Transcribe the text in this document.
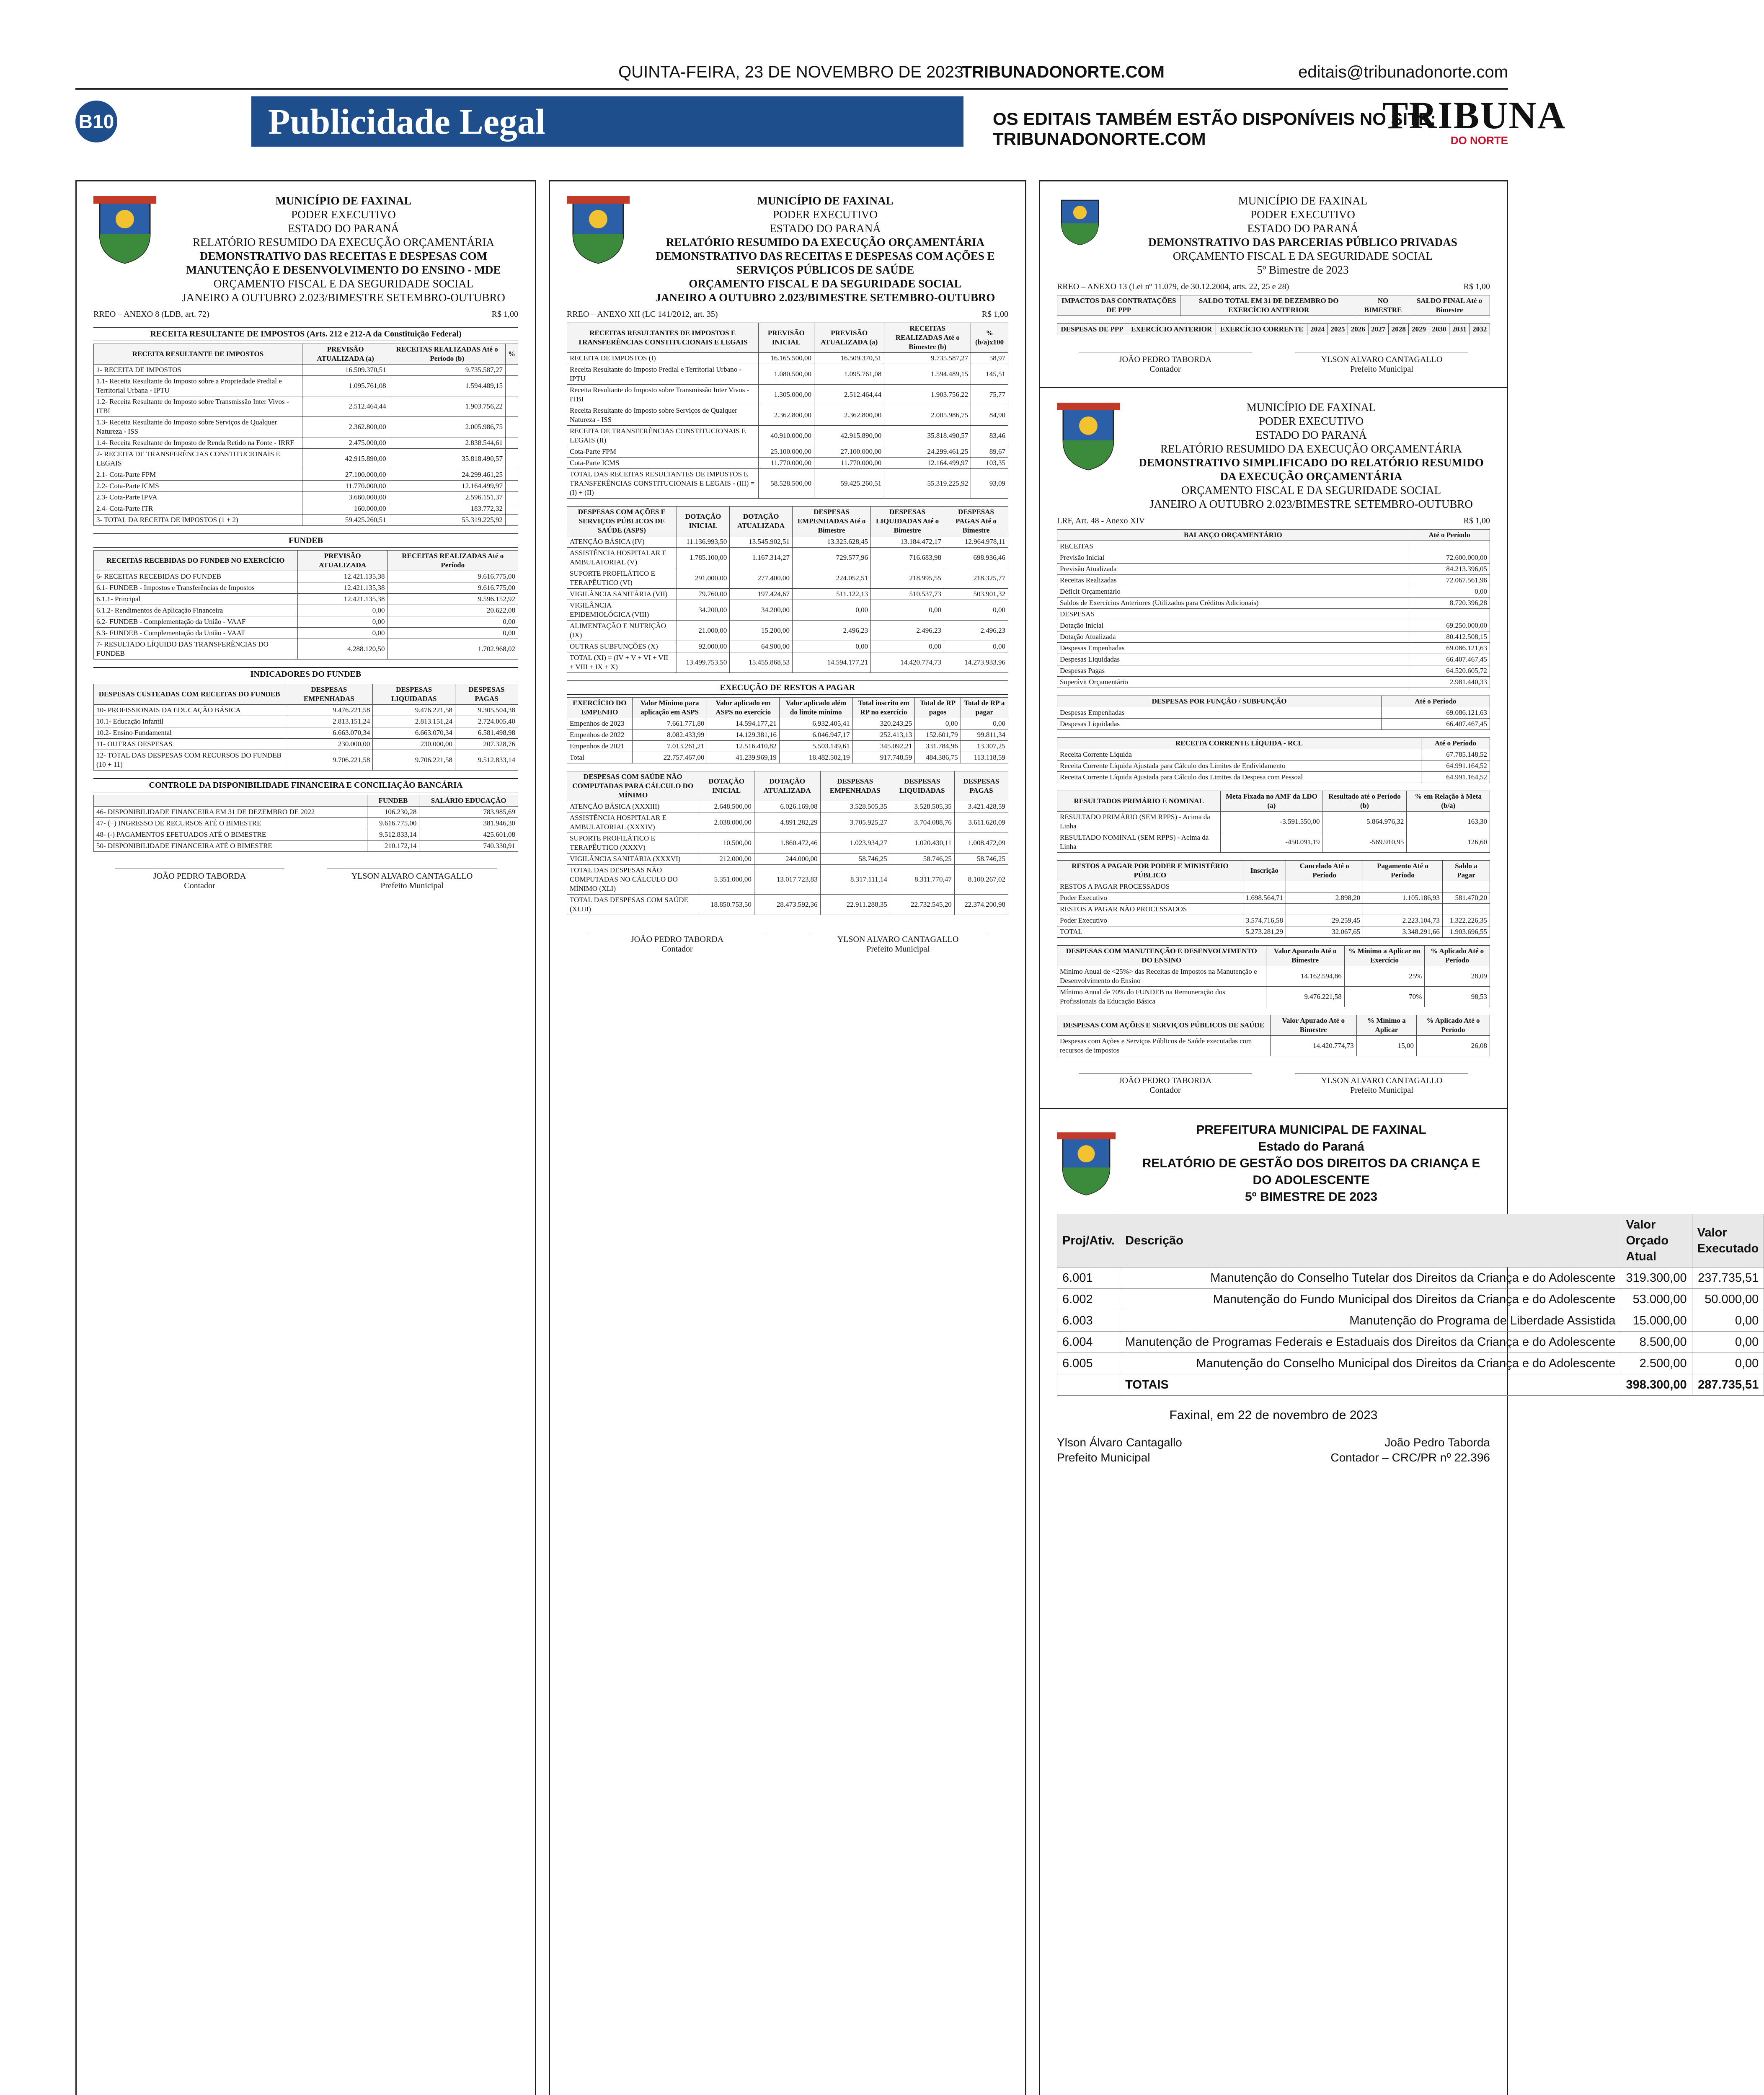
QUINTA-FEIRA, 23 DE NOVEMBRO DE 2023
TRIBUNADONORTE.COM	editais@tribunadonorte.com
B10	Publicidade Legal	OS EDITAIS TAMBÉM ESTÃO DISPONÍVEIS NO SITE: TRIBUNADONORTE.COM
TRIBUNA
DO NORTE
MUNICÍPIO DE FAXINAL
PODER EXECUTIVO
ESTADO DO PARANÁ
RELATÓRIO RESUMIDO DA EXECUÇÃO ORÇAMENTÁRIA
DEMONSTRATIVO DAS RECEITAS E DESPESAS COM MANUTENÇÃO E DESENVOLVIMENTO DO ENSINO - MDE
ORÇAMENTO FISCAL E DA SEGURIDADE SOCIAL
JANEIRO A OUTUBRO 2.023/BIMESTRE SETEMBRO-OUTUBRO
RREO – ANEXO 8 (LDB, art. 72)	R$ 1,00
RECEITA RESULTANTE DE IMPOSTOS (Arts. 212 e 212-A da Constituição Federal)
RECEITA RESULTANTE DE IMPOSTOS	PREVISÃO ATUALIZADA (a)	RECEITAS REALIZADAS Até o Período (b)	%
1- RECEITA DE IMPOSTOS	16.509.370,51	9.735.587,27	
1.1- Receita Resultante do Imposto sobre a Propriedade Predial e Territorial Urbana - IPTU	1.095.761,08	1.594.489,15	
1.2- Receita Resultante do Imposto sobre Transmissão Inter Vivos - ITBI	2.512.464,44	1.903.756,22	
1.3- Receita Resultante do Imposto sobre Serviços de Qualquer Natureza - ISS	2.362.800,00	2.005.986,75	
1.4- Receita Resultante do Imposto de Renda Retido na Fonte - IRRF	2.475.000,00	2.838.544,61	
2- RECEITA DE TRANSFERÊNCIAS CONSTITUCIONAIS E LEGAIS	42.915.890,00	35.818.490,57	
2.1- Cota-Parte FPM	27.100.000,00	24.299.461,25	
2.2- Cota-Parte ICMS	11.770.000,00	12.164.499,97	
2.3- Cota-Parte IPVA	3.660.000,00	2.596.151,37	
2.4- Cota-Parte ITR	160.000,00	183.772,32	
3- TOTAL DA RECEITA DE IMPOSTOS (1 + 2)	59.425.260,51	55.319.225,92	
FUNDEB
RECEITAS RECEBIDAS DO FUNDEB NO EXERCÍCIO	PREVISÃO ATUALIZADA	RECEITAS REALIZADAS Até o Período
6- RECEITAS RECEBIDAS DO FUNDEB	12.421.135,38	9.616.775,00
6.1- FUNDEB - Impostos e Transferências de Impostos	12.421.135,38	9.616.775,00
6.1.1- Principal	12.421.135,38	9.596.152,92
6.1.2- Rendimentos de Aplicação Financeira	0,00	20.622,08
6.2- FUNDEB - Complementação da União - VAAF	0,00	0,00
6.3- FUNDEB - Complementação da União - VAAT	0,00	0,00
7- RESULTADO LÍQUIDO DAS TRANSFERÊNCIAS DO FUNDEB	4.288.120,50	1.702.968,02
INDICADORES DO FUNDEB
DESPESAS CUSTEADAS COM RECEITAS DO FUNDEB	DESPESAS EMPENHADAS	DESPESAS LIQUIDADAS	DESPESAS PAGAS
10- PROFISSIONAIS DA EDUCAÇÃO BÁSICA	9.476.221,58	9.476.221,58	9.305.504,38
10.1- Educação Infantil	2.813.151,24	2.813.151,24	2.724.005,40
10.2- Ensino Fundamental	6.663.070,34	6.663.070,34	6.581.498,98
11- OUTRAS DESPESAS	230.000,00	230.000,00	207.328,76
12- TOTAL DAS DESPESAS COM RECURSOS DO FUNDEB (10 + 11)	9.706.221,58	9.706.221,58	9.512.833,14
CONTROLE DA DISPONIBILIDADE FINANCEIRA E CONCILIAÇÃO BANCÁRIA
	FUNDEB	SALÁRIO EDUCAÇÃO
46- DISPONIBILIDADE FINANCEIRA EM 31 DE DEZEMBRO DE 2022	106.230,28	783.985,69
47- (+) INGRESSO DE RECURSOS ATÉ O BIMESTRE	9.616.775,00	381.946,30
48- (-) PAGAMENTOS EFETUADOS ATÉ O BIMESTRE	9.512.833,14	425.601,08
50- DISPONIBILIDADE FINANCEIRA ATÉ O BIMESTRE	210.172,14	740.330,91
JOÃO PEDRO TABORDA
Contador
YLSON ALVARO CANTAGALLO
Prefeito Municipal
MUNICÍPIO DE FAXINAL
PODER EXECUTIVO
ESTADO DO PARANÁ
RELATÓRIO RESUMIDO DA EXECUÇÃO ORÇAMENTÁRIA
DEMONSTRATIVO DAS RECEITAS E DESPESAS COM AÇÕES E SERVIÇOS PÚBLICOS DE SAÚDE
ORÇAMENTO FISCAL E DA SEGURIDADE SOCIAL
JANEIRO A OUTUBRO 2.023/BIMESTRE SETEMBRO-OUTUBRO
RREO – ANEXO XII (LC 141/2012, art. 35)	R$ 1,00
RECEITAS RESULTANTES DE IMPOSTOS E TRANSFERÊNCIAS CONSTITUCIONAIS E LEGAIS	PREVISÃO INICIAL	PREVISÃO ATUALIZADA (a)	RECEITAS REALIZADAS Até o Bimestre (b)	% (b/a)x100
RECEITA DE IMPOSTOS (I)	16.165.500,00	16.509.370,51	9.735.587,27	58,97
Receita Resultante do Imposto Predial e Territorial Urbano - IPTU	1.080.500,00	1.095.761,08	1.594.489,15	145,51
Receita Resultante do Imposto sobre Transmissão Inter Vivos - ITBI	1.305.000,00	2.512.464,44	1.903.756,22	75,77
Receita Resultante do Imposto sobre Serviços de Qualquer Natureza - ISS	2.362.800,00	2.362.800,00	2.005.986,75	84,90
RECEITA DE TRANSFERÊNCIAS CONSTITUCIONAIS E LEGAIS (II)	40.910.000,00	42.915.890,00	35.818.490,57	83,46
Cota-Parte FPM	25.100.000,00	27.100.000,00	24.299.461,25	89,67
Cota-Parte ICMS	11.770.000,00	11.770.000,00	12.164.499,97	103,35
TOTAL DAS RECEITAS RESULTANTES DE IMPOSTOS E TRANSFERÊNCIAS CONSTITUCIONAIS E LEGAIS - (III) = (I) + (II)	58.528.500,00	59.425.260,51	55.319.225,92	93,09
DESPESAS COM AÇÕES E SERVIÇOS PÚBLICOS DE SAÚDE (ASPS)	DOTAÇÃO INICIAL	DOTAÇÃO ATUALIZADA	DESPESAS EMPENHADAS Até o Bimestre	DESPESAS LIQUIDADAS Até o Bimestre	DESPESAS PAGAS Até o Bimestre
ATENÇÃO BÁSICA (IV)	11.136.993,50	13.545.902,51	13.325.628,45	13.184.472,17	12.964.978,11
ASSISTÊNCIA HOSPITALAR E AMBULATORIAL (V)	1.785.100,00	1.167.314,27	729.577,96	716.683,98	698.936,46
SUPORTE PROFILÁTICO E TERAPÊUTICO (VI)	291.000,00	277.400,00	224.052,51	218.995,55	218.325,77
VIGILÂNCIA SANITÁRIA (VII)	79.760,00	197.424,67	511.122,13	510.537,73	503.901,32
VIGILÂNCIA EPIDEMIOLÓGICA (VIII)	34.200,00	34.200,00	0,00	0,00	0,00
ALIMENTAÇÃO E NUTRIÇÃO (IX)	21.000,00	15.200,00	2.496,23	2.496,23	2.496,23
OUTRAS SUBFUNÇÕES (X)	92.000,00	64.900,00	0,00	0,00	0,00
TOTAL (XI) = (IV + V + VI + VII + VIII + IX + X)	13.499.753,50	15.455.868,53	14.594.177,21	14.420.774,73	14.273.933,96
EXECUÇÃO DE RESTOS A PAGAR
EXERCÍCIO DO EMPENHO	Valor Mínimo para aplicação em ASPS	Valor aplicado em ASPS no exercício	Valor aplicado além do limite mínimo	Total inscrito em RP no exercício	Total de RP pagos	Total de RP a pagar
Empenhos de 2023	7.661.771,80	14.594.177,21	6.932.405,41	320.243,25	0,00	0,00
Empenhos de 2022	8.082.433,99	14.129.381,16	6.046.947,17	252.413,13	152.601,79	99.811,34
Empenhos de 2021	7.013.261,21	12.516.410,82	5.503.149,61	345.092,21	331.784,96	13.307,25
Total	22.757.467,00	41.239.969,19	18.482.502,19	917.748,59	484.386,75	113.118,59
DESPESAS COM SAÚDE NÃO COMPUTADAS PARA CÁLCULO DO MÍNIMO	DOTAÇÃO INICIAL	DOTAÇÃO ATUALIZADA	DESPESAS EMPENHADAS	DESPESAS LIQUIDADAS	DESPESAS PAGAS
ATENÇÃO BÁSICA (XXXIII)	2.648.500,00	6.026.169,08	3.528.505,35	3.528.505,35	3.421.428,59
ASSISTÊNCIA HOSPITALAR E AMBULATORIAL (XXXIV)	2.038.000,00	4.891.282,29	3.705.925,27	3.704.088,76	3.611.620,09
SUPORTE PROFILÁTICO E TERAPÊUTICO (XXXV)	10.500,00	1.860.472,46	1.023.934,27	1.020.430,11	1.008.472,09
VIGILÂNCIA SANITÁRIA (XXXVI)	212.000,00	244.000,00	58.746,25	58.746,25	58.746,25
TOTAL DAS DESPESAS NÃO COMPUTADAS NO CÁLCULO DO MÍNIMO (XLI)	5.351.000,00	13.017.723,83	8.317.111,14	8.311.770,47	8.100.267,02
TOTAL DAS DESPESAS COM SAÚDE (XLIII)	18.850.753,50	28.473.592,36	22.911.288,35	22.732.545,20	22.374.200,98
JOÃO PEDRO TABORDA
Contador
YLSON ALVARO CANTAGALLO
Prefeito Municipal
MUNICÍPIO DE FAXINAL
PODER EXECUTIVO
ESTADO DO PARANÁ
DEMONSTRATIVO DAS PARCERIAS PÚBLICO PRIVADAS
ORÇAMENTO FISCAL E DA SEGURIDADE SOCIAL
5º Bimestre de 2023
RREO – ANEXO 13 (Lei nº 11.079, de 30.12.2004, arts. 22, 25 e 28)	R$ 1,00
IMPACTOS DAS CONTRATAÇÕES DE PPP	SALDO TOTAL EM 31 DE DEZEMBRO DO EXERCÍCIO ANTERIOR	NO BIMESTRE	SALDO FINAL Até o Bimestre
DESPESAS DE PPP	EXERCÍCIO ANTERIOR	EXERCÍCIO CORRENTE	2024	2025	2026	2027	2028	2029	2030	2031	2032
JOÃO PEDRO TABORDA
Contador
YLSON ALVARO CANTAGALLO
Prefeito Municipal
MUNICÍPIO DE FAXINAL
PODER EXECUTIVO
ESTADO DO PARANÁ
RELATÓRIO RESUMIDO DA EXECUÇÃO ORÇAMENTÁRIA
DEMONSTRATIVO SIMPLIFICADO DO RELATÓRIO RESUMIDO DA EXECUÇÃO ORÇAMENTÁRIA
ORÇAMENTO FISCAL E DA SEGURIDADE SOCIAL
JANEIRO A OUTUBRO 2.023/BIMESTRE SETEMBRO-OUTUBRO
LRF, Art. 48 - Anexo XIV	R$ 1,00
BALANÇO ORÇAMENTÁRIO	Até o Período
RECEITAS	
Previsão Inicial	72.600.000,00
Previsão Atualizada	84.213.396,05
Receitas Realizadas	72.067.561,96
Déficit Orçamentário	0,00
Saldos de Exercícios Anteriores (Utilizados para Créditos Adicionais)	8.720.396,28
DESPESAS	
Dotação Inicial	69.250.000,00
Dotação Atualizada	80.412.508,15
Despesas Empenhadas	69.086.121,63
Despesas Liquidadas	66.407.467,45
Despesas Pagas	64.520.605,72
Superávit Orçamentário	2.981.440,33
DESPESAS POR FUNÇÃO / SUBFUNÇÃO	Até o Período
Despesas Empenhadas	69.086.121,63
Despesas Liquidadas	66.407.467,45
RECEITA CORRENTE LÍQUIDA - RCL	Até o Período
Receita Corrente Líquida	67.785.148,52
Receita Corrente Líquida Ajustada para Cálculo dos Limites de Endividamento	64.991.164,52
Receita Corrente Líquida Ajustada para Cálculo dos Limites da Despesa com Pessoal	64.991.164,52
RESULTADOS PRIMÁRIO E NOMINAL	Meta Fixada no AMF da LDO (a)	Resultado até o Período (b)	% em Relação à Meta (b/a)
RESULTADO PRIMÁRIO (SEM RPPS) - Acima da Linha	-3.591.550,00	5.864.976,32	163,30
RESULTADO NOMINAL (SEM RPPS) - Acima da Linha	-450.091,19	-569.910,95	126,60
RESTOS A PAGAR POR PODER E MINISTÉRIO PÚBLICO	Inscrição	Cancelado Até o Período	Pagamento Até o Período	Saldo a Pagar
RESTOS A PAGAR PROCESSADOS				
Poder Executivo	1.698.564,71	2.898,20	1.105.186,93	581.470,20
RESTOS A PAGAR NÃO PROCESSADOS				
Poder Executivo	3.574.716,58	29.259,45	2.223.104,73	1.322.226,35
TOTAL	5.273.281,29	32.067,65	3.348.291,66	1.903.696,55
DESPESAS COM MANUTENÇÃO E DESENVOLVIMENTO DO ENSINO	Valor Apurado Até o Bimestre	% Mínimo a Aplicar no Exercício	% Aplicado Até o Período
Mínimo Anual de <25%> das Receitas de Impostos na Manutenção e Desenvolvimento do Ensino	14.162.594,86	25%	28,09
Mínimo Anual de 70% do FUNDEB na Remuneração dos Profissionais da Educação Básica	9.476.221,58	70%	98,53
DESPESAS COM AÇÕES E SERVIÇOS PÚBLICOS DE SAÚDE	Valor Apurado Até o Bimestre	% Mínimo a Aplicar	% Aplicado Até o Período
Despesas com Ações e Serviços Públicos de Saúde executadas com recursos de impostos	14.420.774,73	15,00	26,08
JOÃO PEDRO TABORDA
Contador
YLSON ALVARO CANTAGALLO
Prefeito Municipal
PREFEITURA MUNICIPAL DE FAXINAL
Estado do Paraná
RELATÓRIO DE GESTÃO DOS DIREITOS DA CRIANÇA E DO ADOLESCENTE
5º BIMESTRE DE 2023
Proj/Ativ.	Descrição	Valor Orçado Atual	Valor Executado
6.001	Manutenção do Conselho Tutelar dos Direitos da Criança e do Adolescente	319.300,00	237.735,51
6.002	Manutenção do Fundo Municipal dos Direitos da Criança e do Adolescente	53.000,00	50.000,00
6.003	Manutenção do Programa de Liberdade Assistida	15.000,00	0,00
6.004	Manutenção de Programas Federais e Estaduais dos Direitos da Criança e do Adolescente	8.500,00	0,00
6.005	Manutenção do Conselho Municipal dos Direitos da Criança e do Adolescente	2.500,00	0,00
	TOTAIS	398.300,00	287.735,51
Faxinal, em 22 de novembro de 2023
Ylson Álvaro Cantagallo
Prefeito Municipal
João Pedro Taborda
Contador – CRC/PR nº 22.396
